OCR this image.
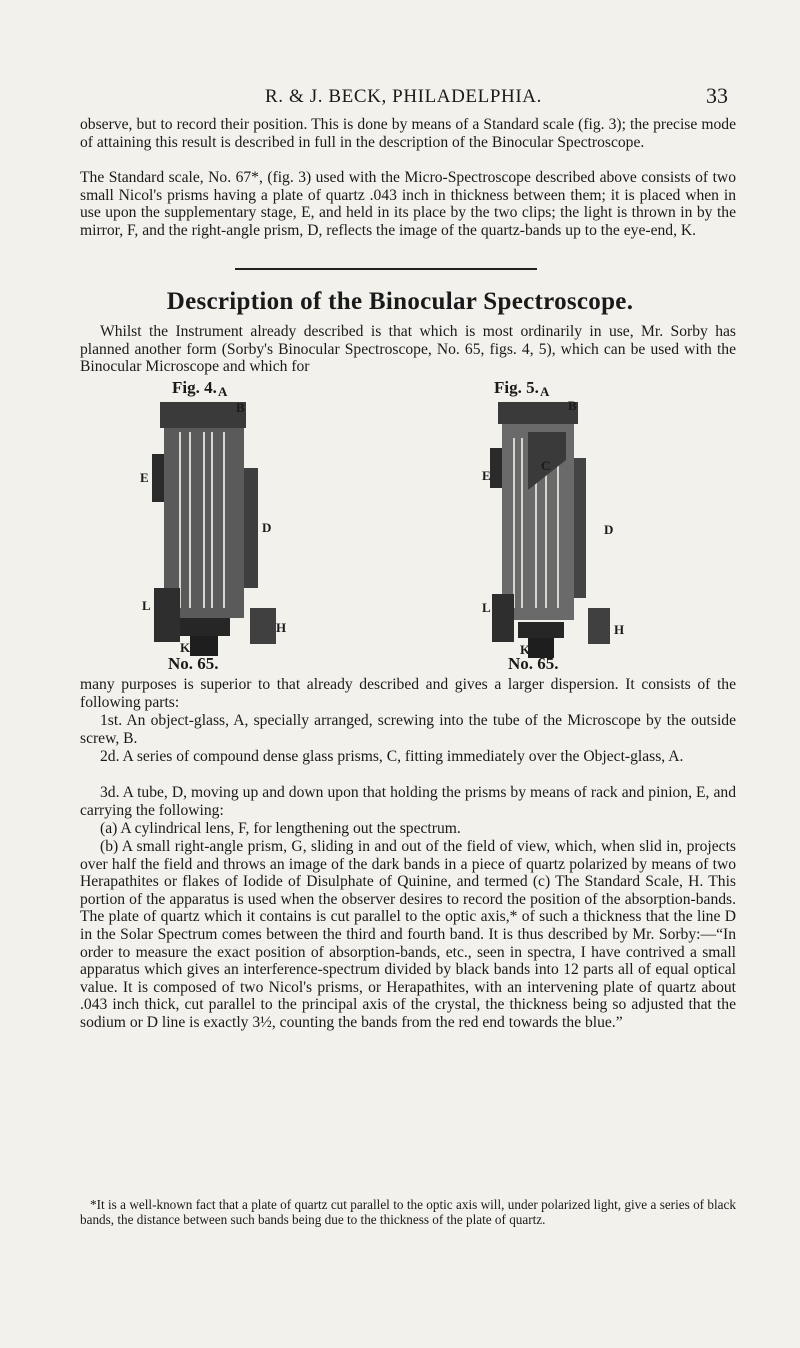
R. & J. BECK, PHILADELPHIA.	33

observe, but to record their position. This is done by means of a Standard scale (fig. 3); the precise mode of attaining this result is described in full in the description of the Binocular Spectroscope.

The Standard scale, No. 67*, (fig. 3) used with the Micro-Spectroscope described above consists of two small Nicol's prisms having a plate of quartz .043 inch in thickness between them; it is placed when in use upon the supplementary stage, E, and held in its place by the two clips; the light is thrown in by the mirror, F, and the right-angle prism, D, reflects the image of the quartz-bands up to the eye-end, K.

Description of the Binocular Spectroscope.

Whilst the Instrument already described is that which is most ordinarily in use, Mr. Sorby has planned another form (Sorby's Binocular Spectroscope, No. 65, figs. 4, 5), which can be used with the Binocular Microscope and which for

Fig. 4. A
B
E
D
L
K
H
No. 65.
Fig. 5. A
B
E
C
D
L
K
H
No. 65.

many purposes is superior to that already described and gives a larger dispersion. It consists of the following parts:

1st. An object-glass, A, specially arranged, screwing into the tube of the Microscope by the outside screw, B.

2d. A series of compound dense glass prisms, C, fitting immediately over the Object-glass, A.

3d. A tube, D, moving up and down upon that holding the prisms by means of rack and pinion, E, and carrying the following:

(a) A cylindrical lens, F, for lengthening out the spectrum.

(b) A small right-angle prism, G, sliding in and out of the field of view, which, when slid in, projects over half the field and throws an image of the dark bands in a piece of quartz polarized by means of two Herapathites or flakes of Iodide of Disulphate of Quinine, and termed (c) The Standard Scale, H. This portion of the apparatus is used when the observer desires to record the position of the absorption-bands. The plate of quartz which it contains is cut parallel to the optic axis,* of such a thickness that the line D in the Solar Spectrum comes between the third and fourth band. It is thus described by Mr. Sorby:—“In order to measure the exact position of absorption-bands, etc., seen in spectra, I have contrived a small apparatus which gives an interference-spectrum divided by black bands into 12 parts all of equal optical value. It is composed of two Nicol's prisms, or Herapathites, with an intervening plate of quartz about .043 inch thick, cut parallel to the principal axis of the crystal, the thickness being so adjusted that the sodium or D line is exactly 3½, counting the bands from the red end towards the blue.”

*It is a well-known fact that a plate of quartz cut parallel to the optic axis will, under polarized light, give a series of black bands, the distance between such bands being due to the thickness of the plate of quartz.
